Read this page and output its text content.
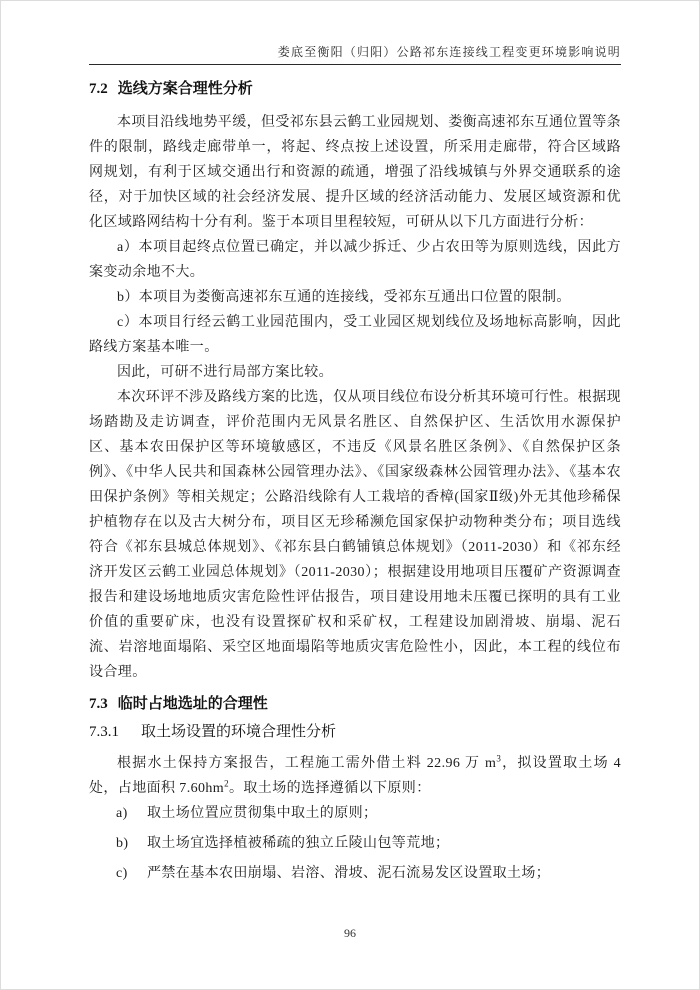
娄底至衡阳（归阳）公路祁东连接线工程变更环境影响说明
7.2 选线方案合理性分析

本项目沿线地势平缓，但受祁东县云鹤工业园规划、娄衡高速祁东互通位置等条件的限制，路线走廊带单一，将起、终点按上述设置，所采用走廊带，符合区域路网规划，有利于区域交通出行和资源的疏通，增强了沿线城镇与外界交通联系的途径，对于加快区域的社会经济发展、提升区域的经济活动能力、发展区域资源和优化区域路网结构十分有利。鉴于本项目里程较短，可研从以下几方面进行分析：

a）本项目起终点位置已确定，并以减少拆迁、少占农田等为原则选线，因此方案变动余地不大。

b）本项目为娄衡高速祁东互通的连接线，受祁东互通出口位置的限制。

c）本项目行经云鹤工业园范围内，受工业园区规划线位及场地标高影响，因此路线方案基本唯一。

因此，可研不进行局部方案比较。

本次环评不涉及路线方案的比选，仅从项目线位布设分析其环境可行性。根据现场踏勘及走访调查，评价范围内无风景名胜区、自然保护区、生活饮用水源保护区、基本农田保护区等环境敏感区，不违反《风景名胜区条例》、《自然保护区条例》、《中华人民共和国森林公园管理办法》、《国家级森林公园管理办法》、《基本农田保护条例》等相关规定；公路沿线除有人工栽培的香樟(国家Ⅱ级)外无其他珍稀保护植物存在以及古大树分布，项目区无珍稀濒危国家保护动物种类分布；项目选线符合《祁东县城总体规划》、《祁东县白鹤铺镇总体规划》（2011-2030）和《祁东经济开发区云鹤工业园总体规划》（2011-2030）；根据建设用地项目压覆矿产资源调查报告和建设场地地质灾害危险性评估报告，项目建设用地未压覆已探明的具有工业价值的重要矿床，也没有设置探矿权和采矿权，工程建设加剧滑坡、崩塌、泥石流、岩溶地面塌陷、采空区地面塌陷等地质灾害危险性小，因此，本工程的线位布设合理。

7.3 临时占地选址的合理性
7.3.1 取土场设置的环境合理性分析

根据水土保持方案报告，工程施工需外借土料 22.96 万 $m^3$，拟设置取土场 4 处，占地面积 $7.60hm^2$。取土场的选择遵循以下原则：

a)	取土场位置应贯彻集中取土的原则；
b)	取土场宜选择植被稀疏的独立丘陵山包等荒地；
c)	严禁在基本农田崩塌、岩溶、滑坡、泥石流易发区设置取土场；
96
